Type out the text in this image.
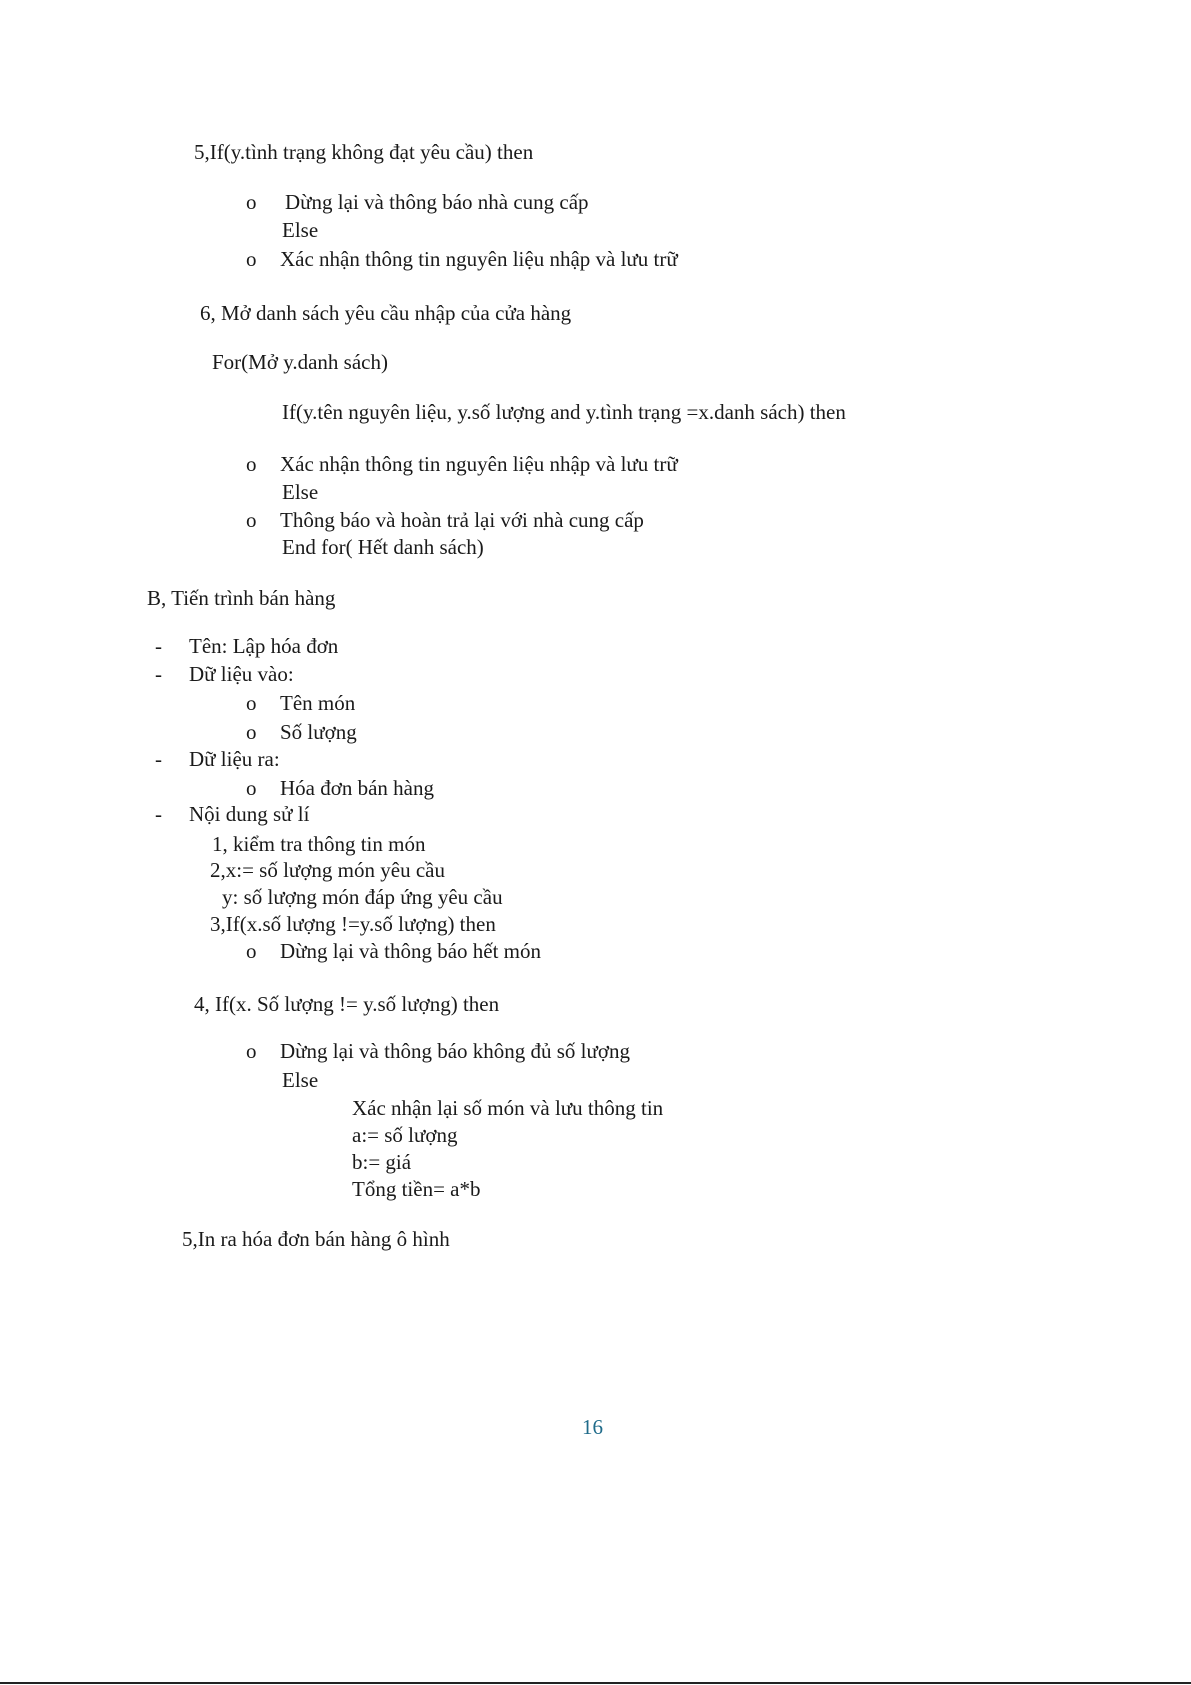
5,If(y.tình trạng không đạt yêu cầu) then
o Dừng lại và thông báo nhà cung cấp
Else
o Xác nhận thông tin nguyên liệu nhập và lưu trữ
6, Mở danh sách yêu cầu nhập của cửa hàng
For(Mở y.danh sách)
If(y.tên nguyên liệu, y.số lượng and y.tình trạng =x.danh sách) then
o Xác nhận thông tin nguyên liệu nhập và lưu trữ
Else
o Thông báo và hoàn trả lại với nhà cung cấp
End for( Hết danh sách)
B, Tiến trình bán hàng
- Tên: Lập hóa đơn
- Dữ liệu vào:
o Tên món
o Số lượng
- Dữ liệu ra:
o Hóa đơn bán hàng
- Nội dung sử lí
1, kiểm tra thông tin món
2,x:= số lượng món yêu cầu
y: số lượng món đáp ứng yêu cầu
3,If(x.số lượng !=y.số lượng) then
o Dừng lại và thông báo hết món
4, If(x. Số lượng != y.số lượng) then
o Dừng lại và thông báo không đủ số lượng
Else
Xác nhận lại số món và lưu thông tin
a:= số lượng
b:= giá
Tổng tiền= a*b
5,In ra hóa đơn bán hàng ô hình
16
